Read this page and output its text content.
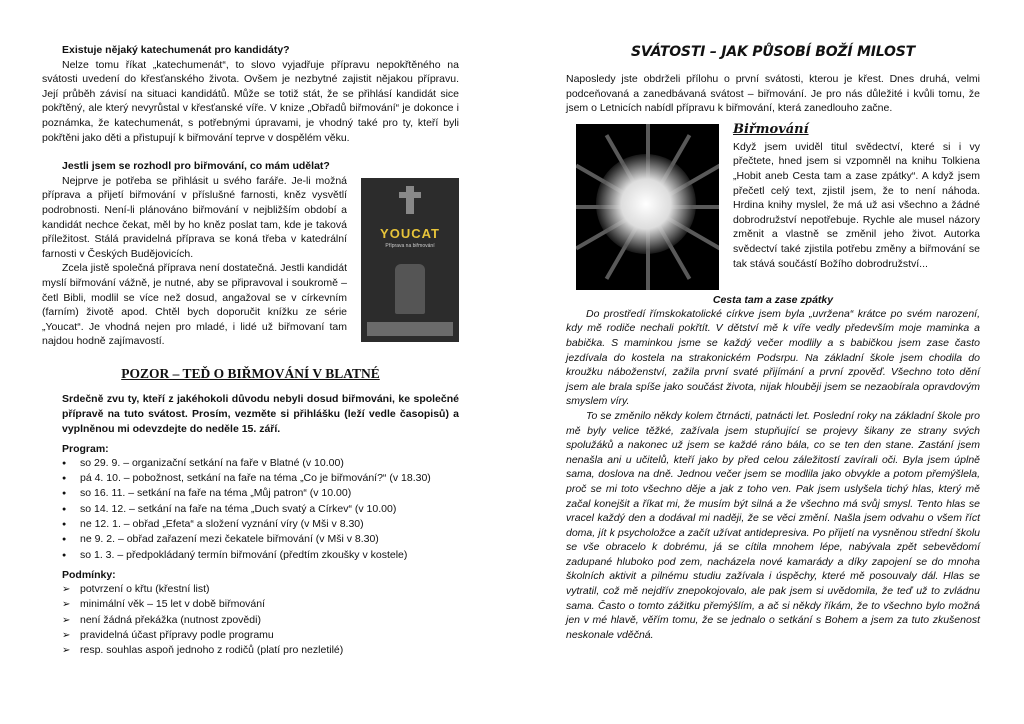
Existuje nějaký katechumenát pro kandidáty?

Nelze tomu říkat „katechumenát“, to slovo vyjadřuje přípravu nepokřtěného na svátosti uvedení do křesťanského života. Ovšem je nezbytné zajistit nějakou přípravu. Její průběh závisí na situaci kandidátů. Může se totiž stát, že se přihlásí kandidát sice pokřtěný, ale který nevyrůstal v křesťanské víře. V knize „Obřadů biřmování“ je dokonce i poznámka, že katechumenát, s potřebnými úpravami, je vhodný také pro ty, kteří byli pokřtěni jako děti a přistupují k biřmování teprve v dospělém věku.

Jestli jsem se rozhodl pro biřmování, co mám udělat?

YOUCAT
Příprava na biřmování

Nejprve je potřeba se přihlásit u svého faráře. Je-li možná příprava a přijetí biřmování v příslušné farnosti, kněz vysvětlí podrobnosti. Není-li plánováno biřmování v nejbližším období a kandidát nechce čekat, měl by ho kněz poslat tam, kde je taková příležitost. Stálá pravidelná příprava se koná třeba v katedrální farnosti v Českých Budějovicích.

Zcela jistě společná příprava není dostatečná. Jestli kandidát myslí biřmování vážně, je nutné, aby se připravoval i soukromě – četl Bibli, modlil se více než dosud, angažoval se v církevním (farním) životě apod. Chtěl bych doporučit knížku ze série „Youcat“. Je vhodná nejen pro mladé, i lidé už biřmovaní tam najdou hodně zajímavostí.

POZOR – TEĎ O BIŘMOVÁNÍ V BLATNÉ
Srdečně zvu ty, kteří z jakéhokoli důvodu nebyli dosud biřmováni, ke společné přípravě na tuto svátost. Prosím, vezměte si přihlášku (leží vedle časopisů) a vyplněnou mi odevzdejte do neděle 15. září.
Program:
● so 29. 9. – organizační setkání na faře v Blatné (v 10.00)
● pá 4. 10. – pobožnost, setkání na faře na téma „Co je biřmování?“ (v 18.30)
● so 16. 11. – setkání na faře na téma „Můj patron“ (v 10.00)
● so 14. 12. – setkání na faře na téma „Duch svatý a Církev“ (v 10.00)
● ne 12. 1. – obřad „Efeta“ a složení vyznání víry (v Mši v 8.30)
● ne 9. 2. – obřad zařazení mezi čekatele biřmování (v Mši v 8.30)
● so 1. 3. – předpokládaný termín biřmování (předtím zkoušky v kostele)
Podmínky:
➢ potvrzení o křtu (křestní list)
➢ minimální věk – 15 let v době biřmování
➢ není žádná překážka (nutnost zpovědi)
➢ pravidelná účast přípravy podle programu
➢ resp. souhlas aspoň jednoho z rodičů (platí pro nezletilé)
SVÁTOSTI – JAK PŮSOBÍ BOŽÍ MILOST

Naposledy jste obdrželi přílohu o první svátosti, kterou je křest. Dnes druhá, velmi podceňovaná a zanedbávaná svátost – biřmování. Je pro nás důležité i kvůli tomu, že jsem o Letnicích nabídl přípravu k biřmování, která zanedlouho začne.

Biřmování

Když jsem uviděl titul svědectví, které si i vy přečtete, hned jsem si vzpomněl na knihu Tolkiena „Hobit aneb Cesta tam a zase zpátky“. A když jsem přečetl celý text, zjistil jsem, že to není náhoda. Hrdina knihy myslel, že má už asi všechno a žádné dobrodružství nepotřebuje. Rychle ale musel názory změnit a vlastně se změnil jeho život. Autorka svědectví také zjistila potřebu změny a biřmování se tak stává součástí Božího dobrodružství...

Cesta tam a zase zpátky

Do prostředí římskokatolické církve jsem byla „uvržena“ krátce po svém narození, kdy mě rodiče nechali pokřtít. V dětství mě k víře vedly především moje maminka a babička. S maminkou jsme se každý večer modlily a s babičkou jsem zase často jezdívala do kostela na strakonickém Podsrpu. Na základní škole jsem chodila do kroužku náboženství, zažila první svaté přijímání a první zpověď. Všechno toto dění jsem ale brala spíše jako součást života, nijak hlouběji jsem se nezaobírala opravdovým smyslem víry.

To se změnilo někdy kolem čtrnácti, patnácti let. Poslední roky na základní škole pro mě byly velice těžké, zažívala jsem stupňující se projevy šikany ze strany svých spolužáků a nakonec už jsem se každé ráno bála, co se ten den stane. Zastání jsem nenašla ani u učitelů, kteří jako by před celou záležitostí zavírali oči. Byla jsem úplně sama, doslova na dně. Jednou večer jsem se modlila jako obvykle a potom přemýšlela, proč se mi toto všechno děje a jak z toho ven. Pak jsem uslyšela tichý hlas, který mě začal konejšit a říkat mi, že musím být silná a že všechno má svůj smysl. Tento hlas se vracel každý den a dodával mi naději, že se věci změní. Našla jsem odvahu o všem říct doma, jít k psycholožce a začít užívat antidepresiva. Po přijetí na vysněnou střední školu se vše obracelo k dobrému, já se cítila mnohem lépe, nabývala zpět sebevědomí zadupané hluboko pod zem, nacházela nové kamarády a díky zapojení se do mnoha školních aktivit a pilnému studiu zažívala i úspěchy, které mě posouvaly dál. Hlas se vytratil, což mě nejdřív znepokojovalo, ale pak jsem si uvědomila, že teď už to zvládnu sama. Často o tomto zážitku přemýšlím, a ač si někdy říkám, že to všechno bylo možná jen v mé hlavě, věřím tomu, že se jednalo o setkání s Bohem a jsem za tuto zkušenost neskonale vděčná.
